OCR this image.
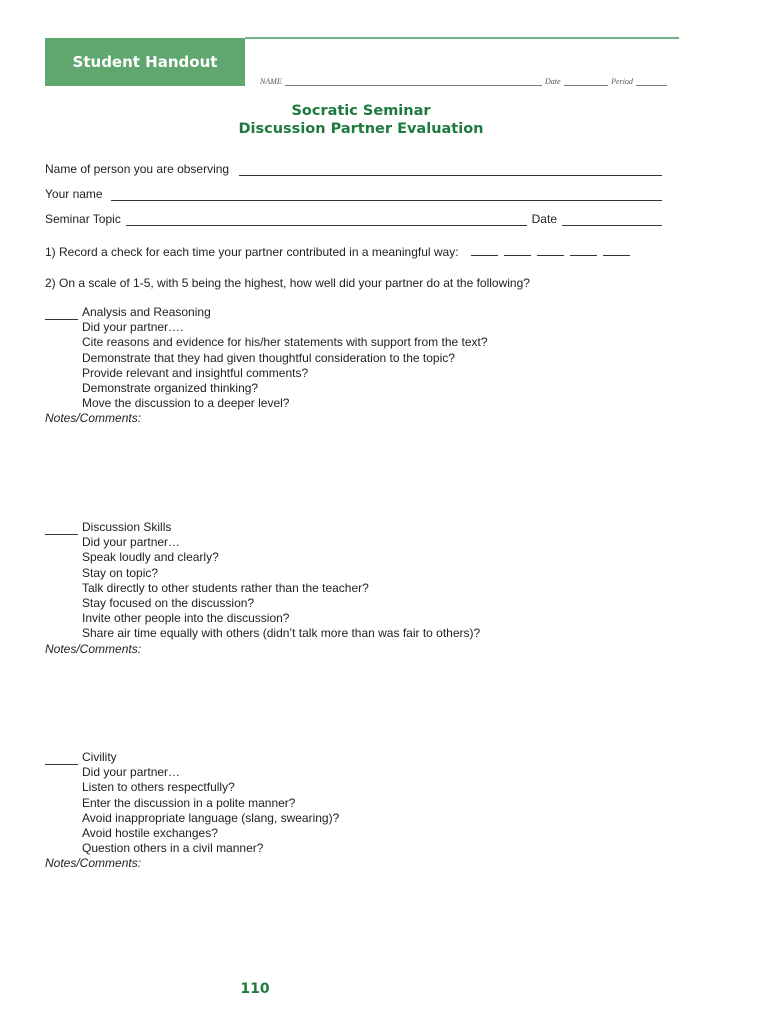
Student Handout
NAME	Date	Period
Socratic Seminar
Discussion Partner Evaluation
Name of person you are observing
Your name
Seminar Topic	Date
1) Record a check for each time your partner contributed in a meaningful way:
2) On a scale of 1-5, with 5 being the highest, how well did your partner do at the following?
Analysis and Reasoning
Did your partner….
Cite reasons and evidence for his/her statements with support from the text?
Demonstrate that they had given thoughtful consideration to the topic?
Provide relevant and insightful comments?
Demonstrate organized thinking?
Move the discussion to a deeper level?
Notes/Comments:
Discussion Skills
Did your partner…
Speak loudly and clearly?
Stay on topic?
Talk directly to other students rather than the teacher?
Stay focused on the discussion?
Invite other people into the discussion?
Share air time equally with others (didn’t talk more than was fair to others)?
Notes/Comments:
Civility
Did your partner…
Listen to others respectfully?
Enter the discussion in a polite manner?
Avoid inappropriate language (slang, swearing)?
Avoid hostile exchanges?
Question others in a civil manner?
Notes/Comments:
110
